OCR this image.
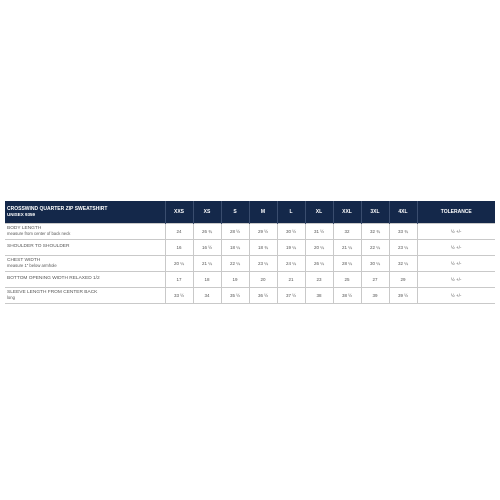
CROSSWIND QUARTER ZIP SWEATSHIRT
UNISEX 9359	XXS	XS	S	M	L	XL	XXL	3XL	4XL	TOLERANCE

BODY LENGTH
measure from center of back neck	24	26 ¾	28 ½	29 ½	30 ½	31 ½	32	32 ¾	33 ¾	½ +/-

SHOULDER TO SHOULDER	16	16 ½	18 ¼	18 ¾	19 ¼	20 ¼	21 ¼	22 ¼	23 ¼	½ +/-

CHEST WIDTH
measure 1" below armhole	20 ¼	21 ¼	22 ¼	23 ¼	24 ¼	26 ¼	28 ¼	30 ¼	32 ¼	½ +/-

BOTTOM OPENING WIDTH RELAXED 1/2	17	18	19	20	21	23	25	27	29	½ +/-

SLEEVE LENGTH FROM CENTER BACK
long	33 ½	34	35 ½	36 ½	37 ½	38	38 ½	39	39 ½	½ +/-
